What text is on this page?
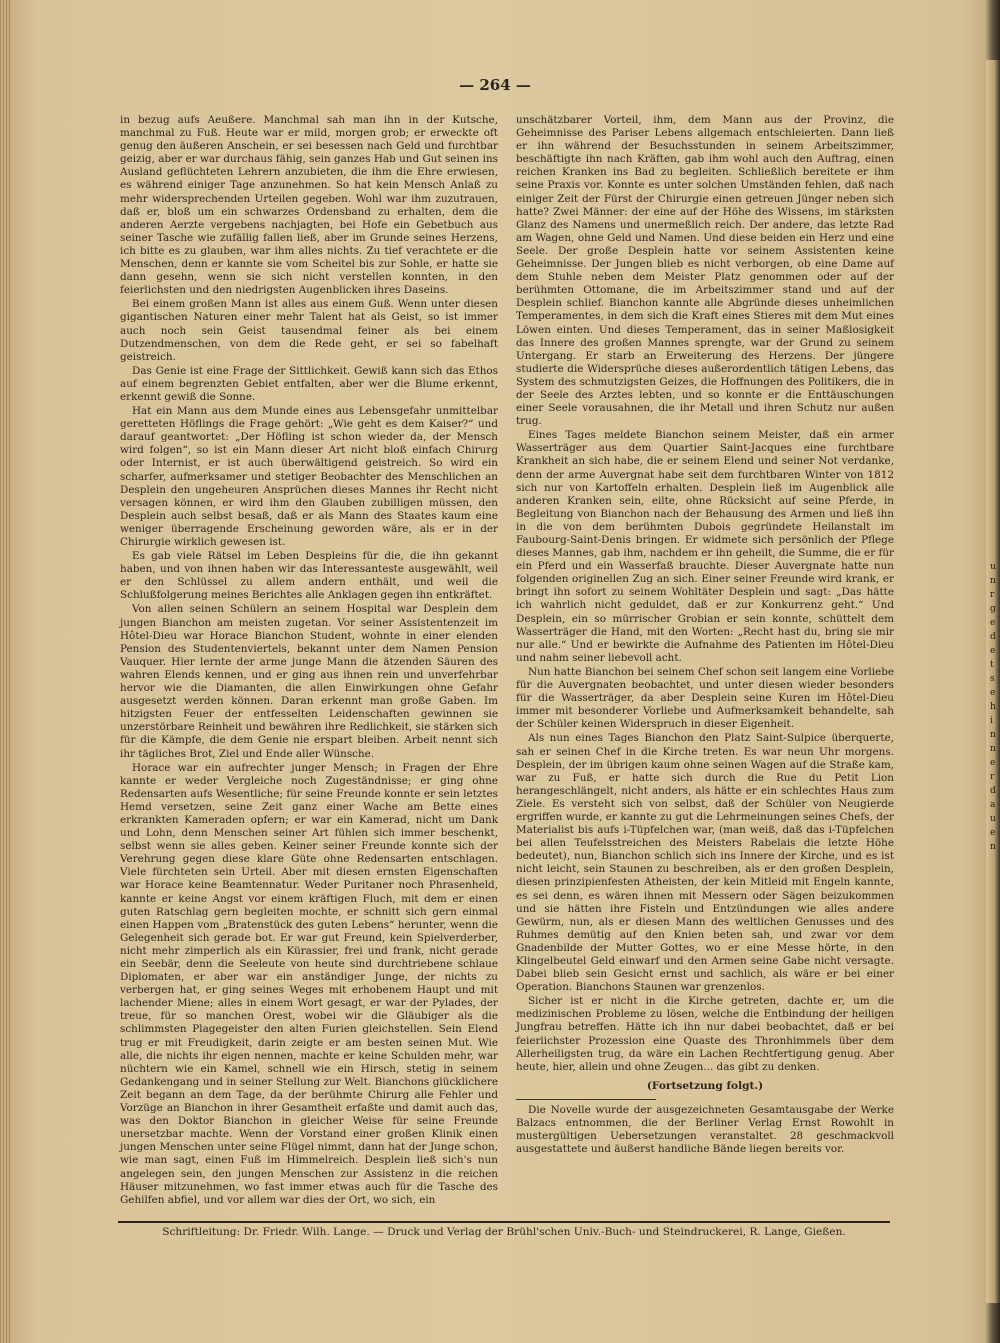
— 264 —

in bezug aufs Aeußere. Manchmal sah man ihn in der Kutsche, manchmal zu Fuß. Heute war er mild, morgen grob; er erweckte oft genug den äußeren Anschein, er sei besessen nach Geld und furchtbar geizig, aber er war durchaus fähig, sein ganzes Hab und Gut seinen ins Ausland geflüchteten Lehrern anzubieten, die ihm die Ehre erwiesen, es während einiger Tage anzunehmen. So hat kein Mensch Anlaß zu mehr widersprechenden Urteilen gegeben. Wohl war ihm zuzutrauen, daß er, bloß um ein schwarzes Ordensband zu erhalten, dem die anderen Aerzte vergebens nachjagten, bei Hofe ein Gebetbuch aus seiner Tasche wie zufällig fallen ließ, aber im Grunde seines Herzens, ich bitte es zu glauben, war ihm alles nichts. Zu tief verachtete er die Menschen, denn er kannte sie vom Scheitel bis zur Sohle, er hatte sie dann gesehn, wenn sie sich nicht verstellen konnten, in den feierlichsten und den niedrigsten Augenblicken ihres Daseins.

Bei einem großen Mann ist alles aus einem Guß. Wenn unter diesen gigantischen Naturen einer mehr Talent hat als Geist, so ist immer auch noch sein Geist tausendmal feiner als bei einem Dutzendmenschen, von dem die Rede geht, er sei so fabelhaft geistreich.

Das Genie ist eine Frage der Sittlichkeit. Gewiß kann sich das Ethos auf einem begrenzten Gebiet entfalten, aber wer die Blume erkennt, erkennt gewiß die Sonne.

Hat ein Mann aus dem Munde eines aus Lebensgefahr unmittelbar geretteten Höflings die Frage gehört: „Wie geht es dem Kaiser?“ und darauf geantwortet: „Der Höfling ist schon wieder da, der Mensch wird folgen“, so ist ein Mann dieser Art nicht bloß einfach Chirurg oder Internist, er ist auch überwältigend geistreich. So wird ein scharfer, aufmerksamer und stetiger Beobachter des Menschlichen an Desplein den ungeheuren Ansprüchen dieses Mannes ihr Recht nicht versagen können, er wird ihm den Glauben zubilligen müssen, den Desplein auch selbst besaß, daß er als Mann des Staates kaum eine weniger überragende Erscheinung geworden wäre, als er in der Chirurgie wirklich gewesen ist.

Es gab viele Rätsel im Leben Despleins für die, die ihn gekannt haben, und von ihnen haben wir das Interessanteste ausgewählt, weil er den Schlüssel zu allem andern enthält, und weil die Schlußfolgerung meines Berichtes alle Anklagen gegen ihn entkräftet.

Von allen seinen Schülern an seinem Hospital war Desplein dem jungen Bianchon am meisten zugetan. Vor seiner Assistentenzeit im Hôtel-Dieu war Horace Bianchon Student, wohnte in einer elenden Pension des Studentenviertels, bekannt unter dem Namen Pension Vauquer. Hier lernte der arme junge Mann die ätzenden Säuren des wahren Elends kennen, und er ging aus ihnen rein und unverfehrbar hervor wie die Diamanten, die allen Einwirkungen ohne Gefahr ausgesetzt werden können. Daran erkennt man große Gaben. Im hitzigsten Feuer der entfesselten Leidenschaften gewinnen sie unzerstörbare Reinheit und bewähren ihre Redlichkeit, sie stärken sich für die Kämpfe, die dem Genie nie erspart bleiben. Arbeit nennt sich ihr tägliches Brot, Ziel und Ende aller Wünsche.

Horace war ein aufrechter junger Mensch; in Fragen der Ehre kannte er weder Vergleiche noch Zugeständnisse; er ging ohne Redensarten aufs Wesentliche; für seine Freunde konnte er sein letztes Hemd versetzen, seine Zeit ganz einer Wache am Bette eines erkrankten Kameraden opfern; er war ein Kamerad, nicht um Dank und Lohn, denn Menschen seiner Art fühlen sich immer beschenkt, selbst wenn sie alles geben. Keiner seiner Freunde konnte sich der Verehrung gegen diese klare Güte ohne Redensarten entschlagen. Viele fürchteten sein Urteil. Aber mit diesen ernsten Eigenschaften war Horace keine Beamtennatur. Weder Puritaner noch Phrasenheld, kannte er keine Angst vor einem kräftigen Fluch, mit dem er einen guten Ratschlag gern begleiten mochte, er schnitt sich gern einmal einen Happen vom „Bratenstück des guten Lebens“ herunter, wenn die Gelegenheit sich gerade bot. Er war gut Freund, kein Spielverderber, nicht mehr zimperlich als ein Kürassier, frei und frank, nicht gerade ein Seebär, denn die Seeleute von heute sind durchtriebene schlaue Diplomaten, er aber war ein anständiger Junge, der nichts zu verbergen hat, er ging seines Weges mit erhobenem Haupt und mit lachender Miene; alles in einem Wort gesagt, er war der Pylades, der treue, für so manchen Orest, wobei wir die Gläubiger als die schlimmsten Plagegeister den alten Furien gleichstellen. Sein Elend trug er mit Freudigkeit, darin zeigte er am besten seinen Mut. Wie alle, die nichts ihr eigen nennen, machte er keine Schulden mehr, war nüchtern wie ein Kamel, schnell wie ein Hirsch, stetig in seinem Gedankengang und in seiner Stellung zur Welt. Bianchons glücklichere Zeit begann an dem Tage, da der berühmte Chirurg alle Fehler und Vorzüge an Bianchon in ihrer Gesamtheit erfaßte und damit auch das, was den Doktor Bianchon in gleicher Weise für seine Freunde unersetzbar machte. Wenn der Vorstand einer großen Klinik einen jungen Menschen unter seine Flügel nimmt, dann hat der Junge schon, wie man sagt, einen Fuß im Himmelreich. Desplein ließ sich's nun angelegen sein, den jungen Menschen zur Assistenz in die reichen Häuser mitzunehmen, wo fast immer etwas auch für die Tasche des Gehilfen abfiel, und vor allem war dies der Ort, wo sich, ein

unschätzbarer Vorteil, ihm, dem Mann aus der Provinz, die Geheimnisse des Pariser Lebens allgemach entschleierten. Dann ließ er ihn während der Besuchsstunden in seinem Arbeitszimmer, beschäftigte ihn nach Kräften, gab ihm wohl auch den Auftrag, einen reichen Kranken ins Bad zu begleiten. Schließlich bereitete er ihm seine Praxis vor. Konnte es unter solchen Umständen fehlen, daß nach einiger Zeit der Fürst der Chirurgie einen getreuen Jünger neben sich hatte? Zwei Männer: der eine auf der Höhe des Wissens, im stärksten Glanz des Namens und unermeßlich reich. Der andere, das letzte Rad am Wagen, ohne Geld und Namen. Und diese beiden ein Herz und eine Seele. Der große Desplein hatte vor seinem Assistenten keine Geheimnisse. Der Jungen blieb es nicht verborgen, ob eine Dame auf dem Stuhle neben dem Meister Platz genommen oder auf der berühmten Ottomane, die im Arbeitszimmer stand und auf der Desplein schlief. Bianchon kannte alle Abgründe dieses unheimlichen Temperamentes, in dem sich die Kraft eines Stieres mit dem Mut eines Löwen einten. Und dieses Temperament, das in seiner Maßlosigkeit das Innere des großen Mannes sprengte, war der Grund zu seinem Untergang. Er starb an Erweiterung des Herzens. Der jüngere studierte die Widersprüche dieses außerordentlich tätigen Lebens, das System des schmutzigsten Geizes, die Hoffnungen des Politikers, die in der Seele des Arztes lebten, und so konnte er die Enttäuschungen einer Seele vorausahnen, die ihr Metall und ihren Schutz nur außen trug.

Eines Tages meldete Bianchon seinem Meister, daß ein armer Wasserträger aus dem Quartier Saint-Jacques eine furchtbare Krankheit an sich habe, die er seinem Elend und seiner Not verdanke, denn der arme Auvergnat habe seit dem furchtbaren Winter von 1812 sich nur von Kartoffeln erhalten. Desplein ließ im Augenblick alle anderen Kranken sein, eilte, ohne Rücksicht auf seine Pferde, in Begleitung von Bianchon nach der Behausung des Armen und ließ ihn in die von dem berühmten Dubois gegründete Heilanstalt im Faubourg-Saint-Denis bringen. Er widmete sich persönlich der Pflege dieses Mannes, gab ihm, nachdem er ihn geheilt, die Summe, die er für ein Pferd und ein Wasserfaß brauchte. Dieser Auvergnate hatte nun folgenden originellen Zug an sich. Einer seiner Freunde wird krank, er bringt ihn sofort zu seinem Wohltäter Desplein und sagt: „Das hätte ich wahrlich nicht geduldet, daß er zur Konkurrenz geht.“ Und Desplein, ein so mürrischer Grobian er sein konnte, schüttelt dem Wasserträger die Hand, mit den Worten: „Recht hast du, bring sie mir nur alle.“ Und er bewirkte die Aufnahme des Patienten im Hôtel-Dieu und nahm seiner liebevoll acht.

Nun hatte Bianchon bei seinem Chef schon seit langem eine Vorliebe für die Auvergnaten beobachtet, und unter diesen wieder besonders für die Wasserträger, da aber Desplein seine Kuren im Hôtel-Dieu immer mit besonderer Vorliebe und Aufmerksamkeit behandelte, sah der Schüler keinen Widerspruch in dieser Eigenheit.

Als nun eines Tages Bianchon den Platz Saint-Sulpice überquerte, sah er seinen Chef in die Kirche treten. Es war neun Uhr morgens. Desplein, der im übrigen kaum ohne seinen Wagen auf die Straße kam, war zu Fuß, er hatte sich durch die Rue du Petit Lion herangeschlängelt, nicht anders, als hätte er ein schlechtes Haus zum Ziele. Es versteht sich von selbst, daß der Schüler von Neugierde ergriffen wurde, er kannte zu gut die Lehrmeinungen seines Chefs, der Materialist bis aufs i-Tüpfelchen war, (man weiß, daß das i-Tüpfelchen bei allen Teufelsstreichen des Meisters Rabelais die letzte Höhe bedeutet), nun, Bianchon schlich sich ins Innere der Kirche, und es ist nicht leicht, sein Staunen zu beschreiben, als er den großen Desplein, diesen prinzipienfesten Atheisten, der kein Mitleid mit Engeln kannte, es sei denn, es wären ihnen mit Messern oder Sägen beizukommen und sie hätten ihre Fisteln und Entzündungen wie alles andere Gewürm, nun, als er diesen Mann des weltlichen Genusses und des Ruhmes demütig auf den Knien beten sah, und zwar vor dem Gnadenbilde der Mutter Gottes, wo er eine Messe hörte, in den Klingelbeutel Geld einwarf und den Armen seine Gabe nicht versagte. Dabei blieb sein Gesicht ernst und sachlich, als wäre er bei einer Operation. Bianchons Staunen war grenzenlos.

Sicher ist er nicht in die Kirche getreten, dachte er, um die medizinischen Probleme zu lösen, welche die Entbindung der heiligen Jungfrau betreffen. Hätte ich ihn nur dabei beobachtet, daß er bei feierlichster Prozession eine Quaste des Thronhimmels über dem Allerheiligsten trug, da wäre ein Lachen Rechtfertigung genug. Aber heute, hier, allein und ohne Zeugen... das gibt zu denken.

(Fortsetzung folgt.)

Die Novelle wurde der ausgezeichneten Gesamtausgabe der Werke Balzacs entnommen, die der Berliner Verlag Ernst Rowohlt in mustergültigen Uebersetzungen veranstaltet. 28 geschmackvoll ausgestattete und äußerst handliche Bände liegen bereits vor.

Schriftleitung: Dr. Friedr. Wilh. Lange. — Druck und Verlag der Brühl'schen Univ.-Buch- und Steindruckerei, R. Lange, Gießen.
u n r g e d e t s e h i n n e r d a u e n
